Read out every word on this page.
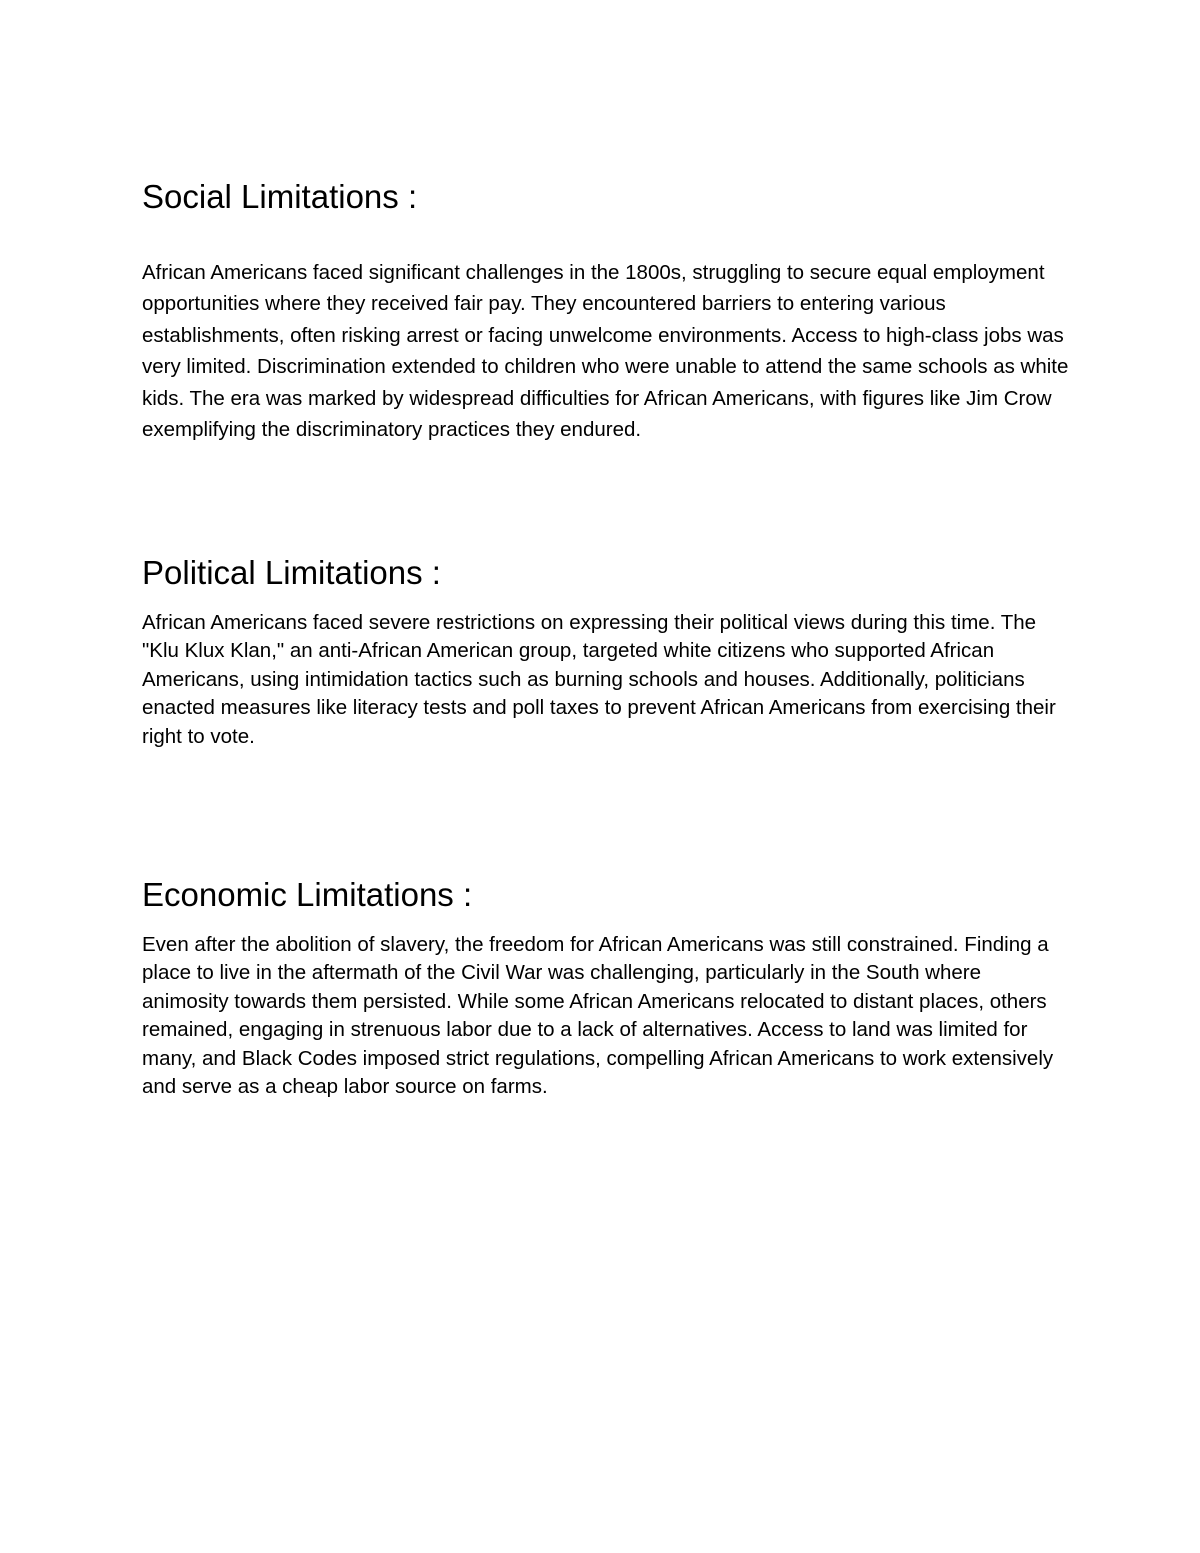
Social Limitations :

African Americans faced significant challenges in the 1800s, struggling to secure equal employment opportunities where they received fair pay. They encountered barriers to entering various establishments, often risking arrest or facing unwelcome environments. Access to high-class jobs was very limited. Discrimination extended to children who were unable to attend the same schools as white kids. The era was marked by widespread difficulties for African Americans, with figures like Jim Crow exemplifying the discriminatory practices they endured.

Political Limitations :

African Americans faced severe restrictions on expressing their political views during this time. The "Klu Klux Klan," an anti-African American group, targeted white citizens who supported African Americans, using intimidation tactics such as burning schools and houses. Additionally, politicians enacted measures like literacy tests and poll taxes to prevent African Americans from exercising their right to vote.

Economic Limitations :

Even after the abolition of slavery, the freedom for African Americans was still constrained. Finding a place to live in the aftermath of the Civil War was challenging, particularly in the South where animosity towards them persisted. While some African Americans relocated to distant places, others remained, engaging in strenuous labor due to a lack of alternatives. Access to land was limited for many, and Black Codes imposed strict regulations, compelling African Americans to work extensively and serve as a cheap labor source on farms.
